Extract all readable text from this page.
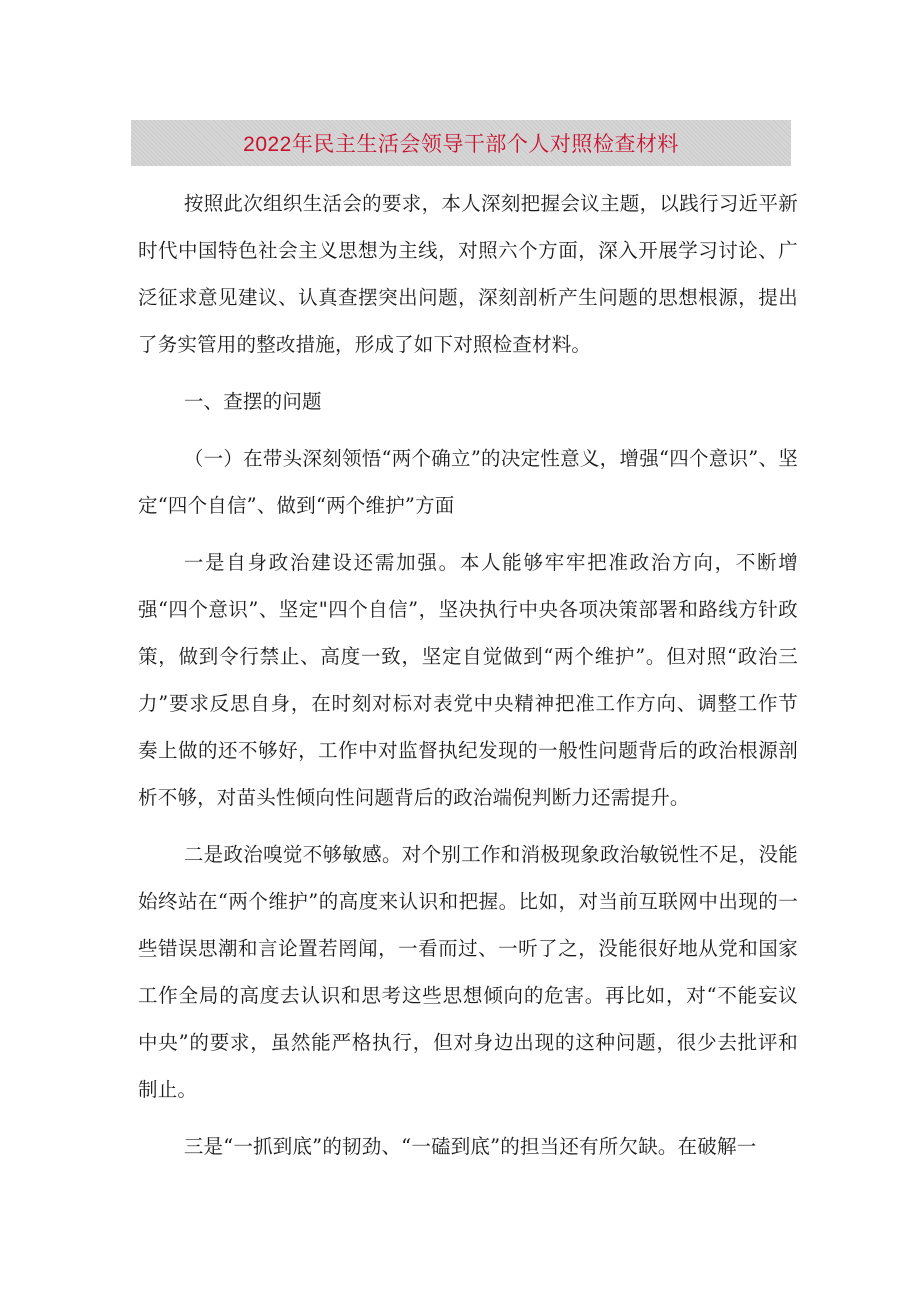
2022年民主生活会领导干部个人对照检查材料

按照此次组织生活会的要求，本人深刻把握会议主题，以践行习近平新时代中国特色社会主义思想为主线，对照六个方面，深入开展学习讨论、广泛征求意见建议、认真查摆突出问题，深刻剖析产生问题的思想根源，提出了务实管用的整改措施，形成了如下对照检查材料。

一、查摆的问题

（一）在带头深刻领悟“两个确立”的决定性意义，增强“四个意识”、坚定“四个自信”、做到“两个维护”方面

一是自身政治建设还需加强。本人能够牢牢把准政治方向，不断增强“四个意识”、坚定"四个自信”，坚决执行中央各项决策部署和路线方针政策，做到令行禁止、高度一致，坚定自觉做到“两个维护”。但对照“政治三力”要求反思自身，在时刻对标对表党中央精神把准工作方向、调整工作节奏上做的还不够好，工作中对监督执纪发现的一般性问题背后的政治根源剖析不够，对苗头性倾向性问题背后的政治端倪判断力还需提升。

二是政治嗅觉不够敏感。对个别工作和消极现象政治敏锐性不足，没能始终站在“两个维护”的高度来认识和把握。比如，对当前互联网中出现的一些错误思潮和言论置若罔闻，一看而过、一听了之，没能很好地从党和国家工作全局的高度去认识和思考这些思想倾向的危害。再比如，对“不能妄议中央”的要求，虽然能严格执行，但对身边出现的这种问题，很少去批评和制止。

三是“一抓到底”的韧劲、“一磕到底”的担当还有所欠缺。在破解一
